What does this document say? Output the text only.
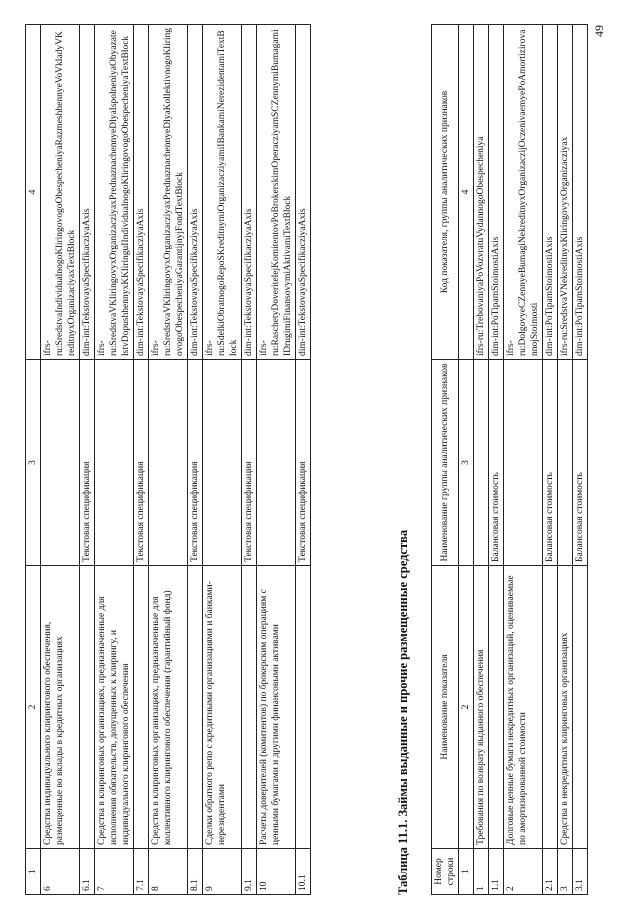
1	2	3	4
6	Средства индивидуального клирингового обеспечения, размещенные во вклады в кредитных организациях		ifrs-ru:SredstvaIndividualnogoKliringovogoObespecheniyaRazmeshhennyeVoVkladyVKreditnyxOrganizaciyaxTextBlock
6.1		Текстовая спецификация	dim-int:TekstovayaSpecifikacziyaAxis
7	Средства в клиринговых организациях, предназначенные для исполнения обязательств, допущенных к клирингу, и индивидуального клирингового обеспечения		ifrs-ru:SredstvaVKliringovyxOrganizacziyaxPrednaznachennyeDlyaIspolneniyaObyazatelstvDopushhennyxKKliringuIIndividualnogoKliringovogoObespecheniyaTextBlock
7.1		Текстовая спецификация	dim-int:TekstovayaSpecifikacziyaAxis
8	Средства в клиринговых организациях, предназначенные для коллективного клирингового обеспечения (гарантийный фонд)		ifrs-ru:SredstvaVKliringovyxOrganizacziyaxPrednaznachennyeDlyaKollektivnogoKliringovogoObespecheniyaGarantijnyjFondTextBlock
8.1		Текстовая спецификация	dim-int:TekstovayaSpecifikacziyaAxis
9	Сделки обратного репо с кредитными организациями и банками-нерезидентами		ifrs-ru:SdelkiObratnogoRepoSKreditnymiOrganizacziyamiIBankamiNerezidentamiTextBlock
9.1		Текстовая спецификация	dim-int:TekstovayaSpecifikacziyaAxis
10	Расчеты доверителей (комитентов) по брокерским операциям с ценными бумагами и другими финансовыми активами		ifrs-ru:RaschetyDoveritelejKomitentovPoBrokerskimOperacziyamSCZennymiBumagamiIDrugimiFinansovymiAktivamiTextBlock
10.1		Текстовая спецификация	dim-int:TekstovayaSpecifikacziyaAxis
Таблица 11.1. Займы выданные и прочие размещенные средства	Номер строки	Наименование показателя	Наименование группы аналитических признаков	Код показателя, группы аналитических признаков
1	2	3	4
1	Требования по возврату выданного обеспечения		ifrs-ru:TrebovaniyaPoVozvratuVydannogoObespecheniya
1.1		Балансовая стоимость	dim-int:PoTipamStoimostiAxis
2	Долговые ценные бумаги некредитных организаций, оцениваемые по амортизированной стоимости		ifrs-ru:DolgovyeCZennyeBumagiNekreditnyxOrganizaczijOczenivaemyePoAmortizirovannojStoimosti
2.1		Балансовая стоимость	dim-int:PoTipamStoimostiAxis
3	Средства в некредитных клиринговых организациях		ifrs-ru:SredstvaVNekreditnyxKliringovyxOrganizacziyax
3.1		Балансовая стоимость	dim-int:PoTipamStoimostiAxis
49
